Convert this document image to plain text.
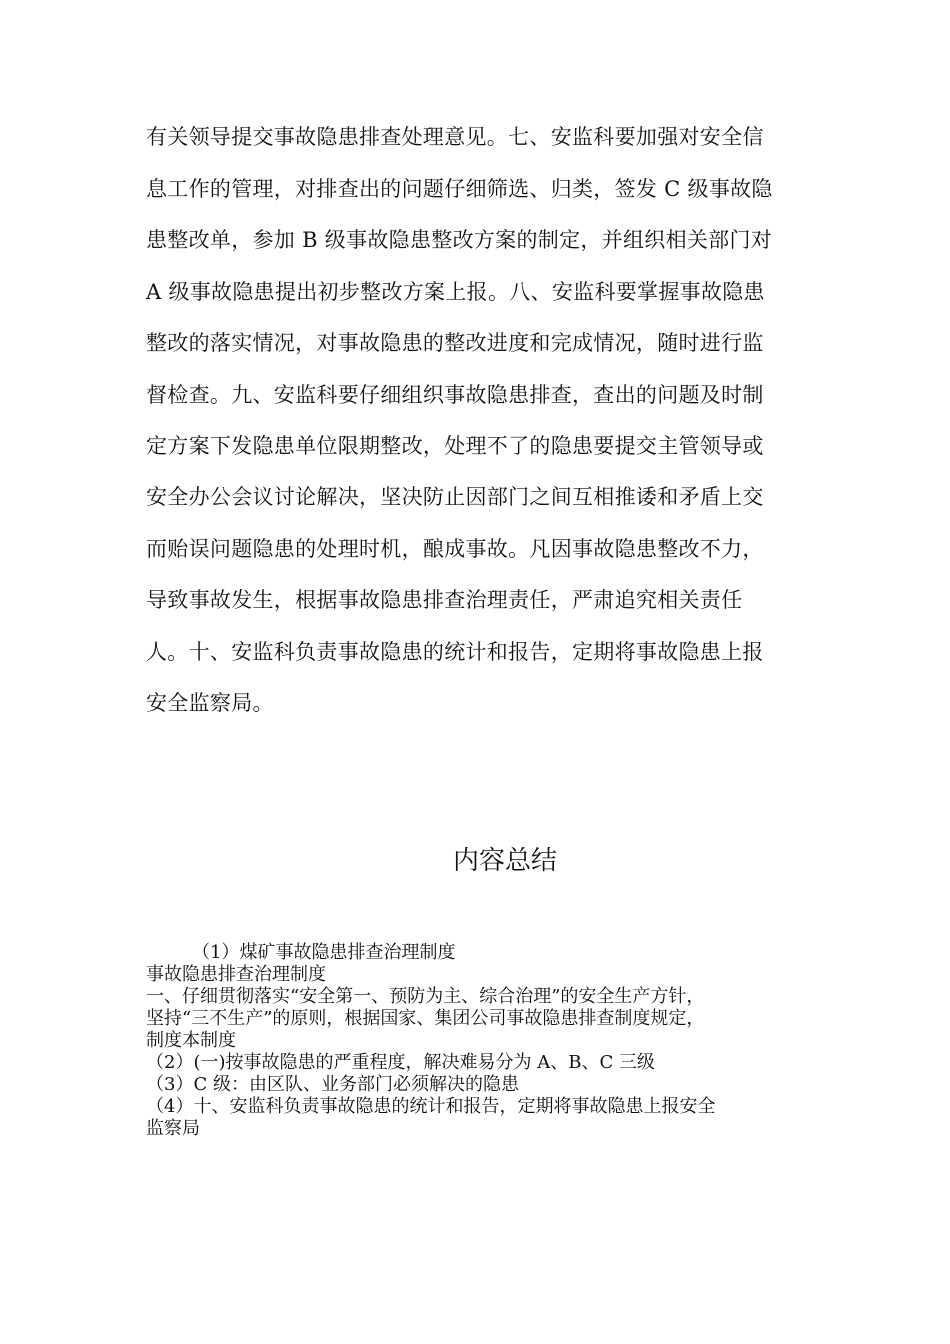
有关领导提交事故隐患排查处理意见。七、安监科要加强对安全信
息工作的管理，对排查出的问题仔细筛选、归类，签发 C 级事故隐
患整改单，参加 B 级事故隐患整改方案的制定，并组织相关部门对
A 级事故隐患提出初步整改方案上报。八、安监科要掌握事故隐患
整改的落实情况，对事故隐患的整改进度和完成情况，随时进行监
督检查。九、安监科要仔细组织事故隐患排查，查出的问题及时制
定方案下发隐患单位限期整改，处理不了的隐患要提交主管领导或
安全办公会议讨论解决，坚决防止因部门之间互相推诿和矛盾上交
而贻误问题隐患的处理时机，酿成事故。凡因事故隐患整改不力，
导致事故发生，根据事故隐患排查治理责任，严肃追究相关责任
人。十、安监科负责事故隐患的统计和报告，定期将事故隐患上报
安全监察局。
内容总结
（1）煤矿事故隐患排查治理制度
事故隐患排查治理制度
一、仔细贯彻落实“安全第一、预防为主、综合治理”的安全生产方针，
坚持“三不生产”的原则，根据国家、集团公司事故隐患排查制度规定，
制度本制度
（2）(一)按事故隐患的严重程度，解决难易分为 A、B、C 三级
（3）C 级：由区队、业务部门必须解决的隐患
（4）十、安监科负责事故隐患的统计和报告，定期将事故隐患上报安全
监察局
